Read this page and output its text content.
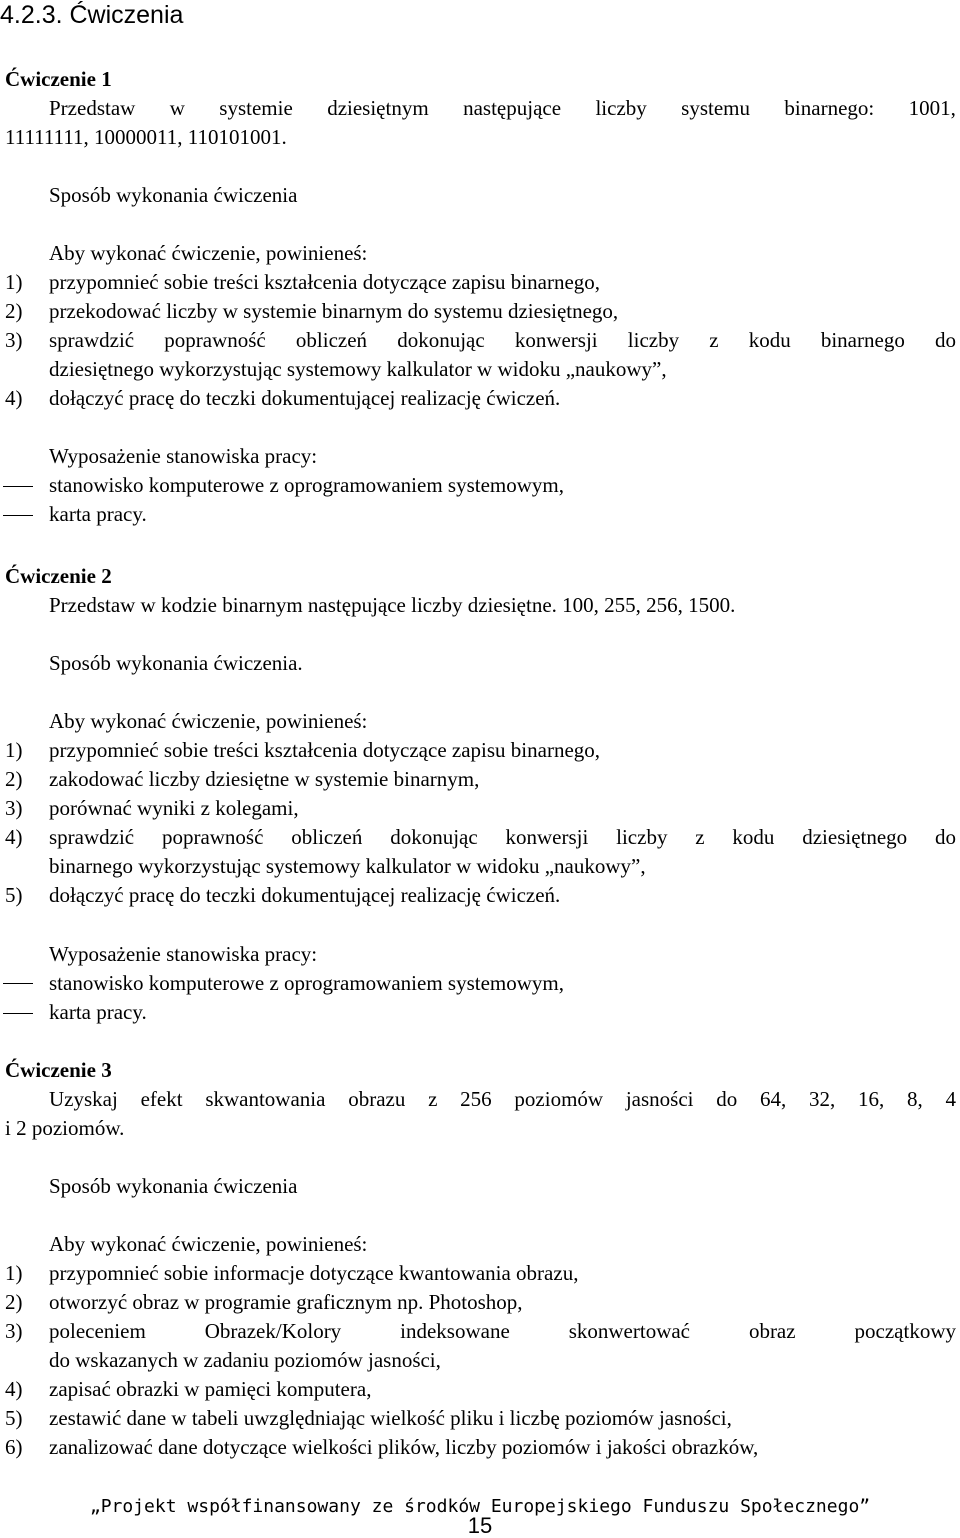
4.2.3. Ćwiczenia
Ćwiczenie 1
Przedstaw w systemie dziesiętnym następujące liczby systemu binarnego: 1001,
11111111, 10000011, 110101001.
Sposób wykonania ćwiczenia
Aby wykonać ćwiczenie, powinieneś:
1) przypomnieć sobie treści kształcenia dotyczące zapisu binarnego,
2) przekodować liczby w systemie binarnym do systemu dziesiętnego,
3) sprawdzić poprawność obliczeń dokonując konwersji liczby z kodu binarnego do
dziesiętnego wykorzystując systemowy kalkulator w widoku „naukowy”,
4) dołączyć pracę do teczki dokumentującej realizację ćwiczeń.
Wyposażenie stanowiska pracy:
stanowisko komputerowe z oprogramowaniem systemowym,
karta pracy.
Ćwiczenie 2
Przedstaw w kodzie binarnym następujące liczby dziesiętne. 100, 255, 256, 1500.
Sposób wykonania ćwiczenia.
Aby wykonać ćwiczenie, powinieneś:
1) przypomnieć sobie treści kształcenia dotyczące zapisu binarnego,
2) zakodować liczby dziesiętne w systemie binarnym,
3) porównać wyniki z kolegami,
4) sprawdzić poprawność obliczeń dokonując konwersji liczby z kodu dziesiętnego do
binarnego wykorzystując systemowy kalkulator w widoku „naukowy”,
5) dołączyć pracę do teczki dokumentującej realizację ćwiczeń.
Wyposażenie stanowiska pracy:
stanowisko komputerowe z oprogramowaniem systemowym,
karta pracy.
Ćwiczenie 3
Uzyskaj efekt skwantowania obrazu z 256 poziomów jasności do 64, 32, 16, 8, 4
i 2 poziomów.
Sposób wykonania ćwiczenia
Aby wykonać ćwiczenie, powinieneś:
1) przypomnieć sobie informacje dotyczące kwantowania obrazu,
2) otworzyć obraz w programie graficznym np. Photoshop,
3) poleceniem	Obrazek/Kolory	indeksowane	skonwertować	obraz	początkowy
do wskazanych w zadaniu poziomów jasności,
4) zapisać obrazki w pamięci komputera,
5) zestawić dane w tabeli uwzględniając wielkość pliku i liczbę poziomów jasności,
6) zanalizować dane dotyczące wielkości plików, liczby poziomów i jakości obrazków,
„Projekt współfinansowany ze środków Europejskiego Funduszu Społecznego”
15
